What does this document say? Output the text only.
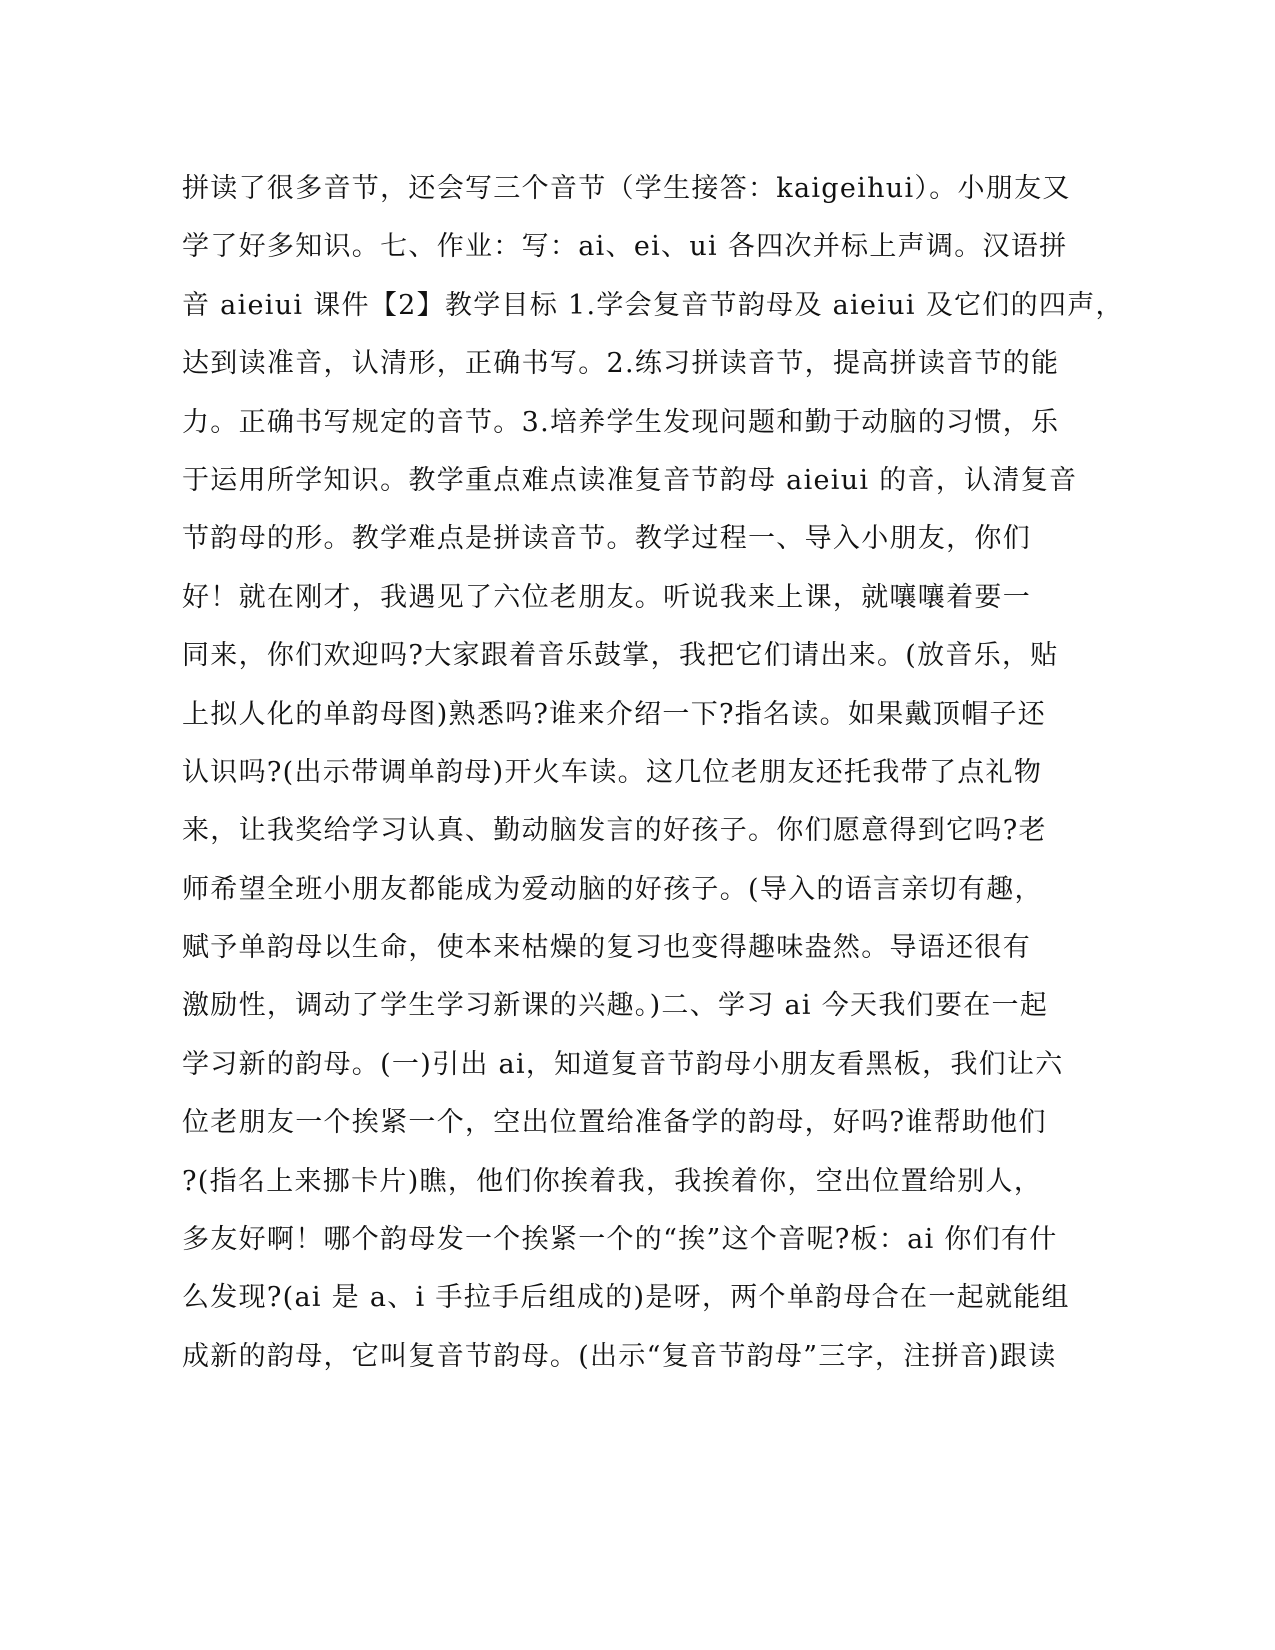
拼读了很多音节，还会写三个音节（学生接答：kaigeihui）。小朋友又
学了好多知识。七、作业：写：ai、ei、ui 各四次并标上声调。汉语拼
音 aieiui 课件【2】教学目标 1.学会复音节韵母及 aieiui 及它们的四声，
达到读准音，认清形，正确书写。2.练习拼读音节，提高拼读音节的能
力。正确书写规定的音节。3.培养学生发现问题和勤于动脑的习惯，乐
于运用所学知识。教学重点难点读准复音节韵母 aieiui 的音，认清复音
节韵母的形。教学难点是拼读音节。教学过程一、导入小朋友，你们
好！就在刚才，我遇见了六位老朋友。听说我来上课，就嚷嚷着要一
同来，你们欢迎吗?大家跟着音乐鼓掌，我把它们请出来。(放音乐，贴
上拟人化的单韵母图)熟悉吗?谁来介绍一下?指名读。如果戴顶帽子还
认识吗?(出示带调单韵母)开火车读。这几位老朋友还托我带了点礼物
来，让我奖给学习认真、勤动脑发言的好孩子。你们愿意得到它吗?老
师希望全班小朋友都能成为爱动脑的好孩子。(导入的语言亲切有趣，
赋予单韵母以生命，使本来枯燥的复习也变得趣味盎然。导语还很有
激励性，调动了学生学习新课的兴趣。)二、学习 ai 今天我们要在一起
学习新的韵母。(一)引出 ai，知道复音节韵母小朋友看黑板，我们让六
位老朋友一个挨紧一个，空出位置给准备学的韵母，好吗?谁帮助他们
?(指名上来挪卡片)瞧，他们你挨着我，我挨着你，空出位置给别人，
多友好啊！哪个韵母发一个挨紧一个的“挨”这个音呢?板：ai 你们有什
么发现?(ai 是 a、i 手拉手后组成的)是呀，两个单韵母合在一起就能组
成新的韵母，它叫复音节韵母。(出示“复音节韵母”三字，注拼音)跟读
